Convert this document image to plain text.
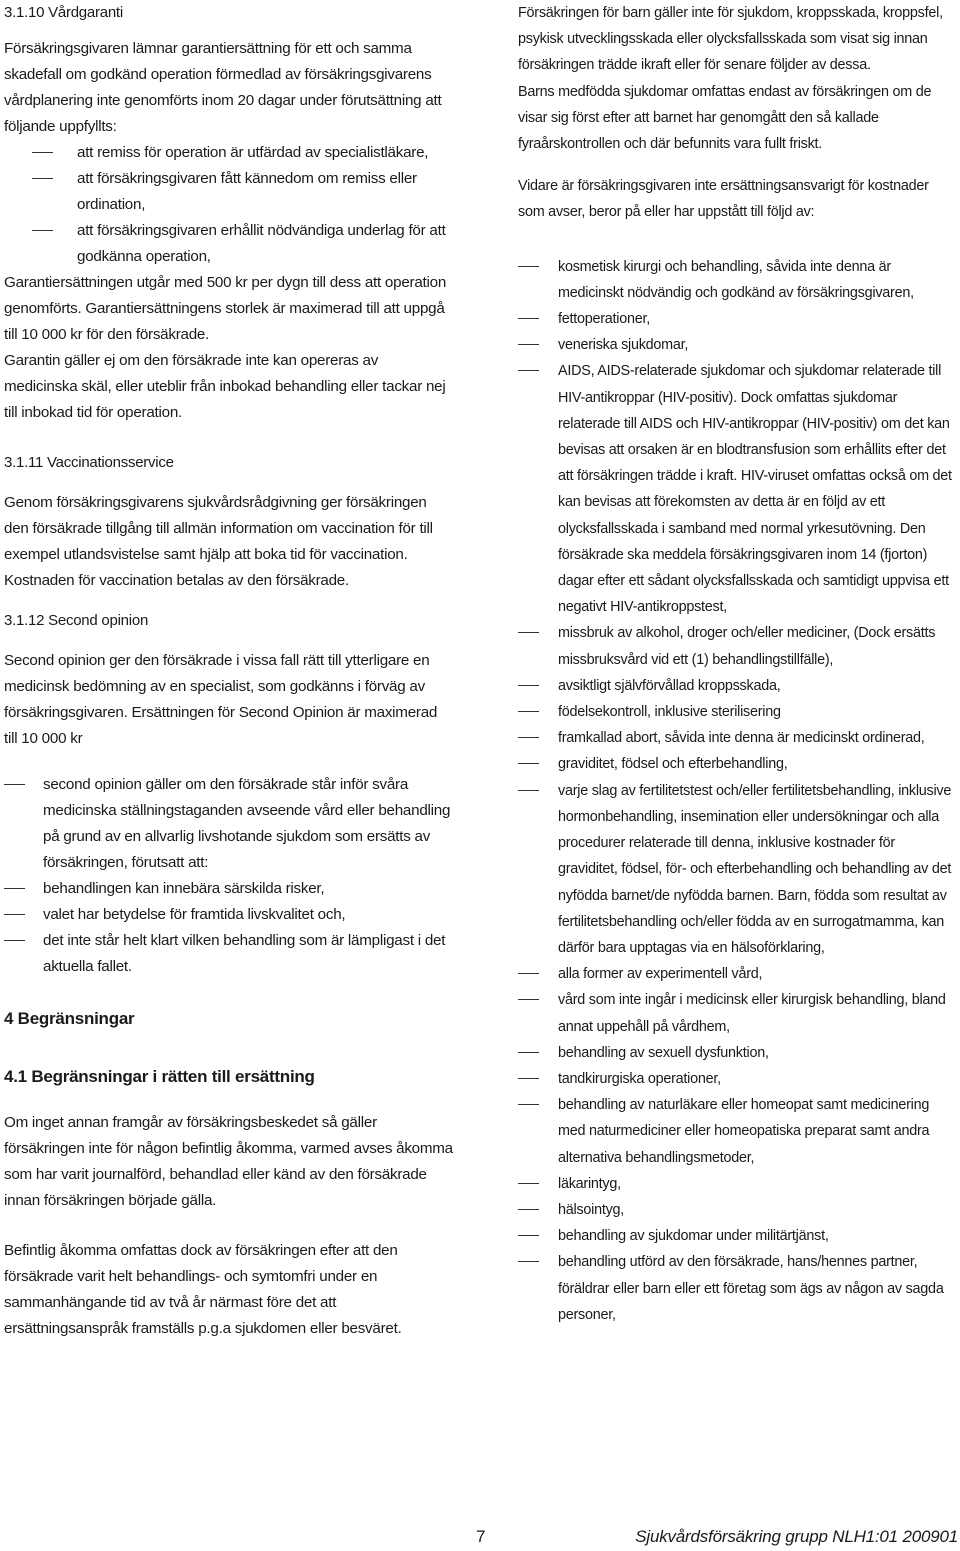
3.1.10 Vårdgaranti

Försäkringsgivaren lämnar garantiersättning för ett och samma skadefall om godkänd operation förmedlad av försäkringsgivarens vårdplanering inte genomförts inom 20 dagar under förutsättning att följande uppfyllts:

att remiss för operation är utfärdad av specialistläkare,
att försäkringsgivaren fått kännedom om remiss eller ordination,
att försäkringsgivaren erhållit nödvändiga underlag för att godkänna operation,

Garantiersättningen utgår med 500 kr per dygn till dess att operation genomförts. Garantiersättningens storlek är maximerad till att uppgå till 10 000 kr för den försäkrade.

Garantin gäller ej om den försäkrade inte kan opereras av medicinska skäl, eller uteblir från inbokad behandling eller tackar nej till inbokad tid för operation.

3.1.11 Vaccinationsservice

Genom försäkringsgivarens sjukvårdsrådgivning ger försäkringen den försäkrade tillgång till allmän information om vaccination för till exempel utlandsvistelse samt hjälp att boka tid för vaccination. Kostnaden för vaccination betalas av den försäkrade.

3.1.12 Second opinion

Second opinion ger den försäkrade i vissa fall rätt till ytterligare en medicinsk bedömning av en specialist, som godkänns i förväg av försäkringsgivaren. Ersättningen för Second Opinion är maximerad till 10 000 kr

second opinion gäller om den försäkrade står inför svåra medicinska ställningstaganden avseende vård eller behandling på grund av en allvarlig livshotande sjukdom som ersätts av försäkringen, förutsatt att:
behandlingen kan innebära särskilda risker,
valet har betydelse för framtida livskvalitet och,
det inte står helt klart vilken behandling som är lämpligast i det aktuella fallet.

4 Begränsningar

4.1 Begränsningar i rätten till ersättning

Om inget annan framgår av försäkringsbeskedet så gäller försäkringen inte för någon befintlig åkomma, varmed avses åkomma som har varit journalförd, behandlad eller känd av den försäkrade innan försäkringen började gälla.

Befintlig åkomma omfattas dock av försäkringen efter att den försäkrade varit helt behandlings- och symtomfri under en sammanhängande tid av två år närmast före det att ersättningsanspråk framställs p.g.a sjukdomen eller besväret.

Försäkringen för barn gäller inte för sjukdom, kroppsskada, kroppsfel, psykisk utvecklingsskada eller olycksfallsskada som visat sig innan försäkringen trädde ikraft eller för senare följder av dessa.

Barns medfödda sjukdomar omfattas endast av försäkringen om de visar sig först efter att barnet har genomgått den så kallade fyraårskontrollen och där befunnits vara fullt friskt.

Vidare är försäkringsgivaren inte ersättningsansvarigt för kostnader som avser, beror på eller har uppstått till följd av:

kosmetisk kirurgi och behandling, såvida inte denna är medicinskt nödvändig och godkänd av försäkringsgivaren,
fettoperationer,
veneriska sjukdomar,
AIDS, AIDS-relaterade sjukdomar och sjukdomar relaterade till HIV-antikroppar (HIV-positiv). Dock omfattas sjukdomar relaterade till AIDS och HIV-antikroppar (HIV-positiv) om det kan bevisas att orsaken är en blodtransfusion som erhållits efter det att försäkringen trädde i kraft. HIV-viruset omfattas också om det kan bevisas att förekomsten av detta är en följd av ett olycksfallsskada i samband med normal yrkesutövning. Den försäkrade ska meddela försäkringsgivaren inom 14 (fjorton) dagar efter ett sådant olycksfallsskada och samtidigt uppvisa ett negativt HIV-antikroppstest,
missbruk av alkohol, droger och/eller mediciner, (Dock ersätts missbruksvård vid ett (1) behandlingstillfälle),
avsiktligt självförvållad kroppsskada,
födelsekontroll, inklusive sterilisering
framkallad abort, såvida inte denna är medicinskt ordinerad,
graviditet, födsel och efterbehandling,
varje slag av fertilitetstest och/eller fertilitetsbehandling, inklusive hormonbehandling, insemination eller undersökningar och alla procedurer relaterade till denna, inklusive kostnader för graviditet, födsel, för- och efterbehandling och behandling av det nyfödda barnet/de nyfödda barnen. Barn, födda som resultat av fertilitetsbehandling och/eller födda av en surrogatmamma, kan därför bara upptagas via en hälsoförklaring,
alla former av experimentell vård,
vård som inte ingår i medicinsk eller kirurgisk behandling, bland annat uppehåll på vårdhem,
behandling av sexuell dysfunktion,
tandkirurgiska operationer,
behandling av naturläkare eller homeopat samt medicinering med naturmediciner eller homeopatiska preparat samt andra alternativa behandlingsmetoder,
läkarintyg,
hälsointyg,
behandling av sjukdomar under militärtjänst,
behandling utförd av den försäkrade, hans/hennes partner, föräldrar eller barn eller ett företag som ägs av någon av sagda personer,
7	Sjukvårdsförsäkring grupp NLH1:01 200901
